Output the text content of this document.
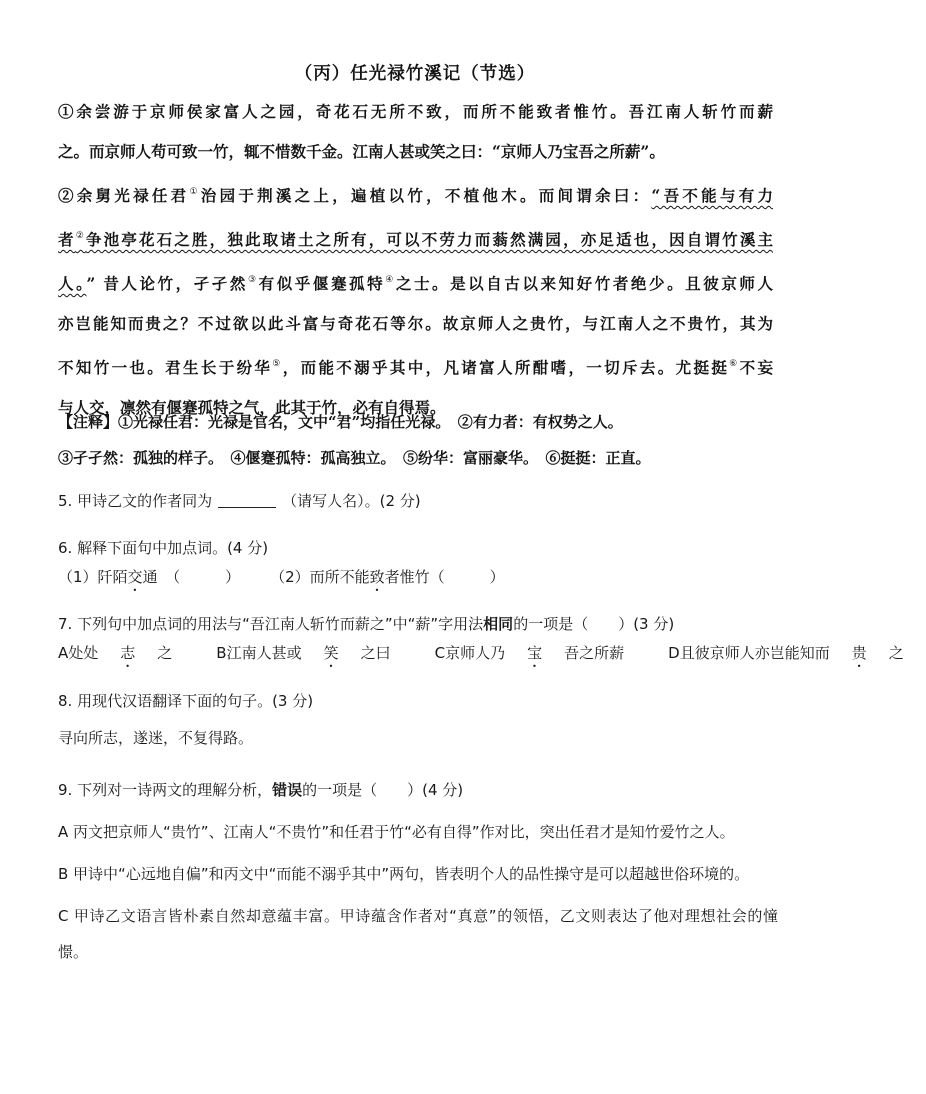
（丙）任光禄竹溪记（节选）

①余尝游于京师侯家富人之园，奇花石无所不致，而所不能致者惟竹。吾江南人斩竹而薪

之。而京师人苟可致一竹，辄不惜数千金。江南人甚或笑之曰：“京师人乃宝吾之所薪”。

②余舅光禄任君①治园于荆溪之上，遍植以竹，不植他木。而间谓余曰：“吾不能与有力

者②争池亭花石之胜，独此取诸土之所有，可以不劳力而蓊然满园，亦足适也，因自谓竹溪主

人。” 昔人论竹，孑孑然③有似乎偃蹇孤特④之士。是以自古以来知好竹者绝少。且彼京师人

亦岂能知而贵之？不过欲以此斗富与奇花石等尔。故京师人之贵竹，与江南人之不贵竹，其为

不知竹一也。君生长于纷华⑤，而能不溺乎其中，凡诸富人所酣嗜，一切斥去。尤挺挺⑥不妄

与人交，凛然有偃蹇孤特之气，此其于竹，必有自得焉。

【注释】①光禄任君：光禄是官名，文中“君”均指任光禄。　②有力者：有权势之人。

③孑孑然：孤独的样子。　④偃蹇孤特：孤高独立。　⑤纷华：富丽豪华。　⑥挺挺：正直。

5. 甲诗乙文的作者同为	（请写人名）。(2 分)

6. 解释下面句中加点词。(4 分)

（1）阡陌交通　（　　　） （2）而所不能致者惟竹（　　　）

7. 下列句中加点词的用法与“吾江南人斩竹而薪之”中“薪”字用法相同的一项是（　　）(3 分)

A处处 志 之	B江南人甚或 笑 之曰	C京师人乃 宝 吾之所薪	D且彼京师人亦岂能知而 贵 之

8. 用现代汉语翻译下面的句子。(3 分)

寻向所志，遂迷，不复得路。

9. 下列对一诗两文的理解分析，错误的一项是（　　）(4 分)

A 丙文把京师人“贵竹”、江南人“不贵竹”和任君于竹“必有自得”作对比，突出任君才是知竹爱竹之人。

B 甲诗中“心远地自偏”和丙文中“而能不溺乎其中”两句，皆表明个人的品性操守是可以超越世俗环境的。

C 甲诗乙文语言皆朴素自然却意蕴丰富。甲诗蕴含作者对“真意”的领悟，乙文则表达了他对理想社会的憧憬。
